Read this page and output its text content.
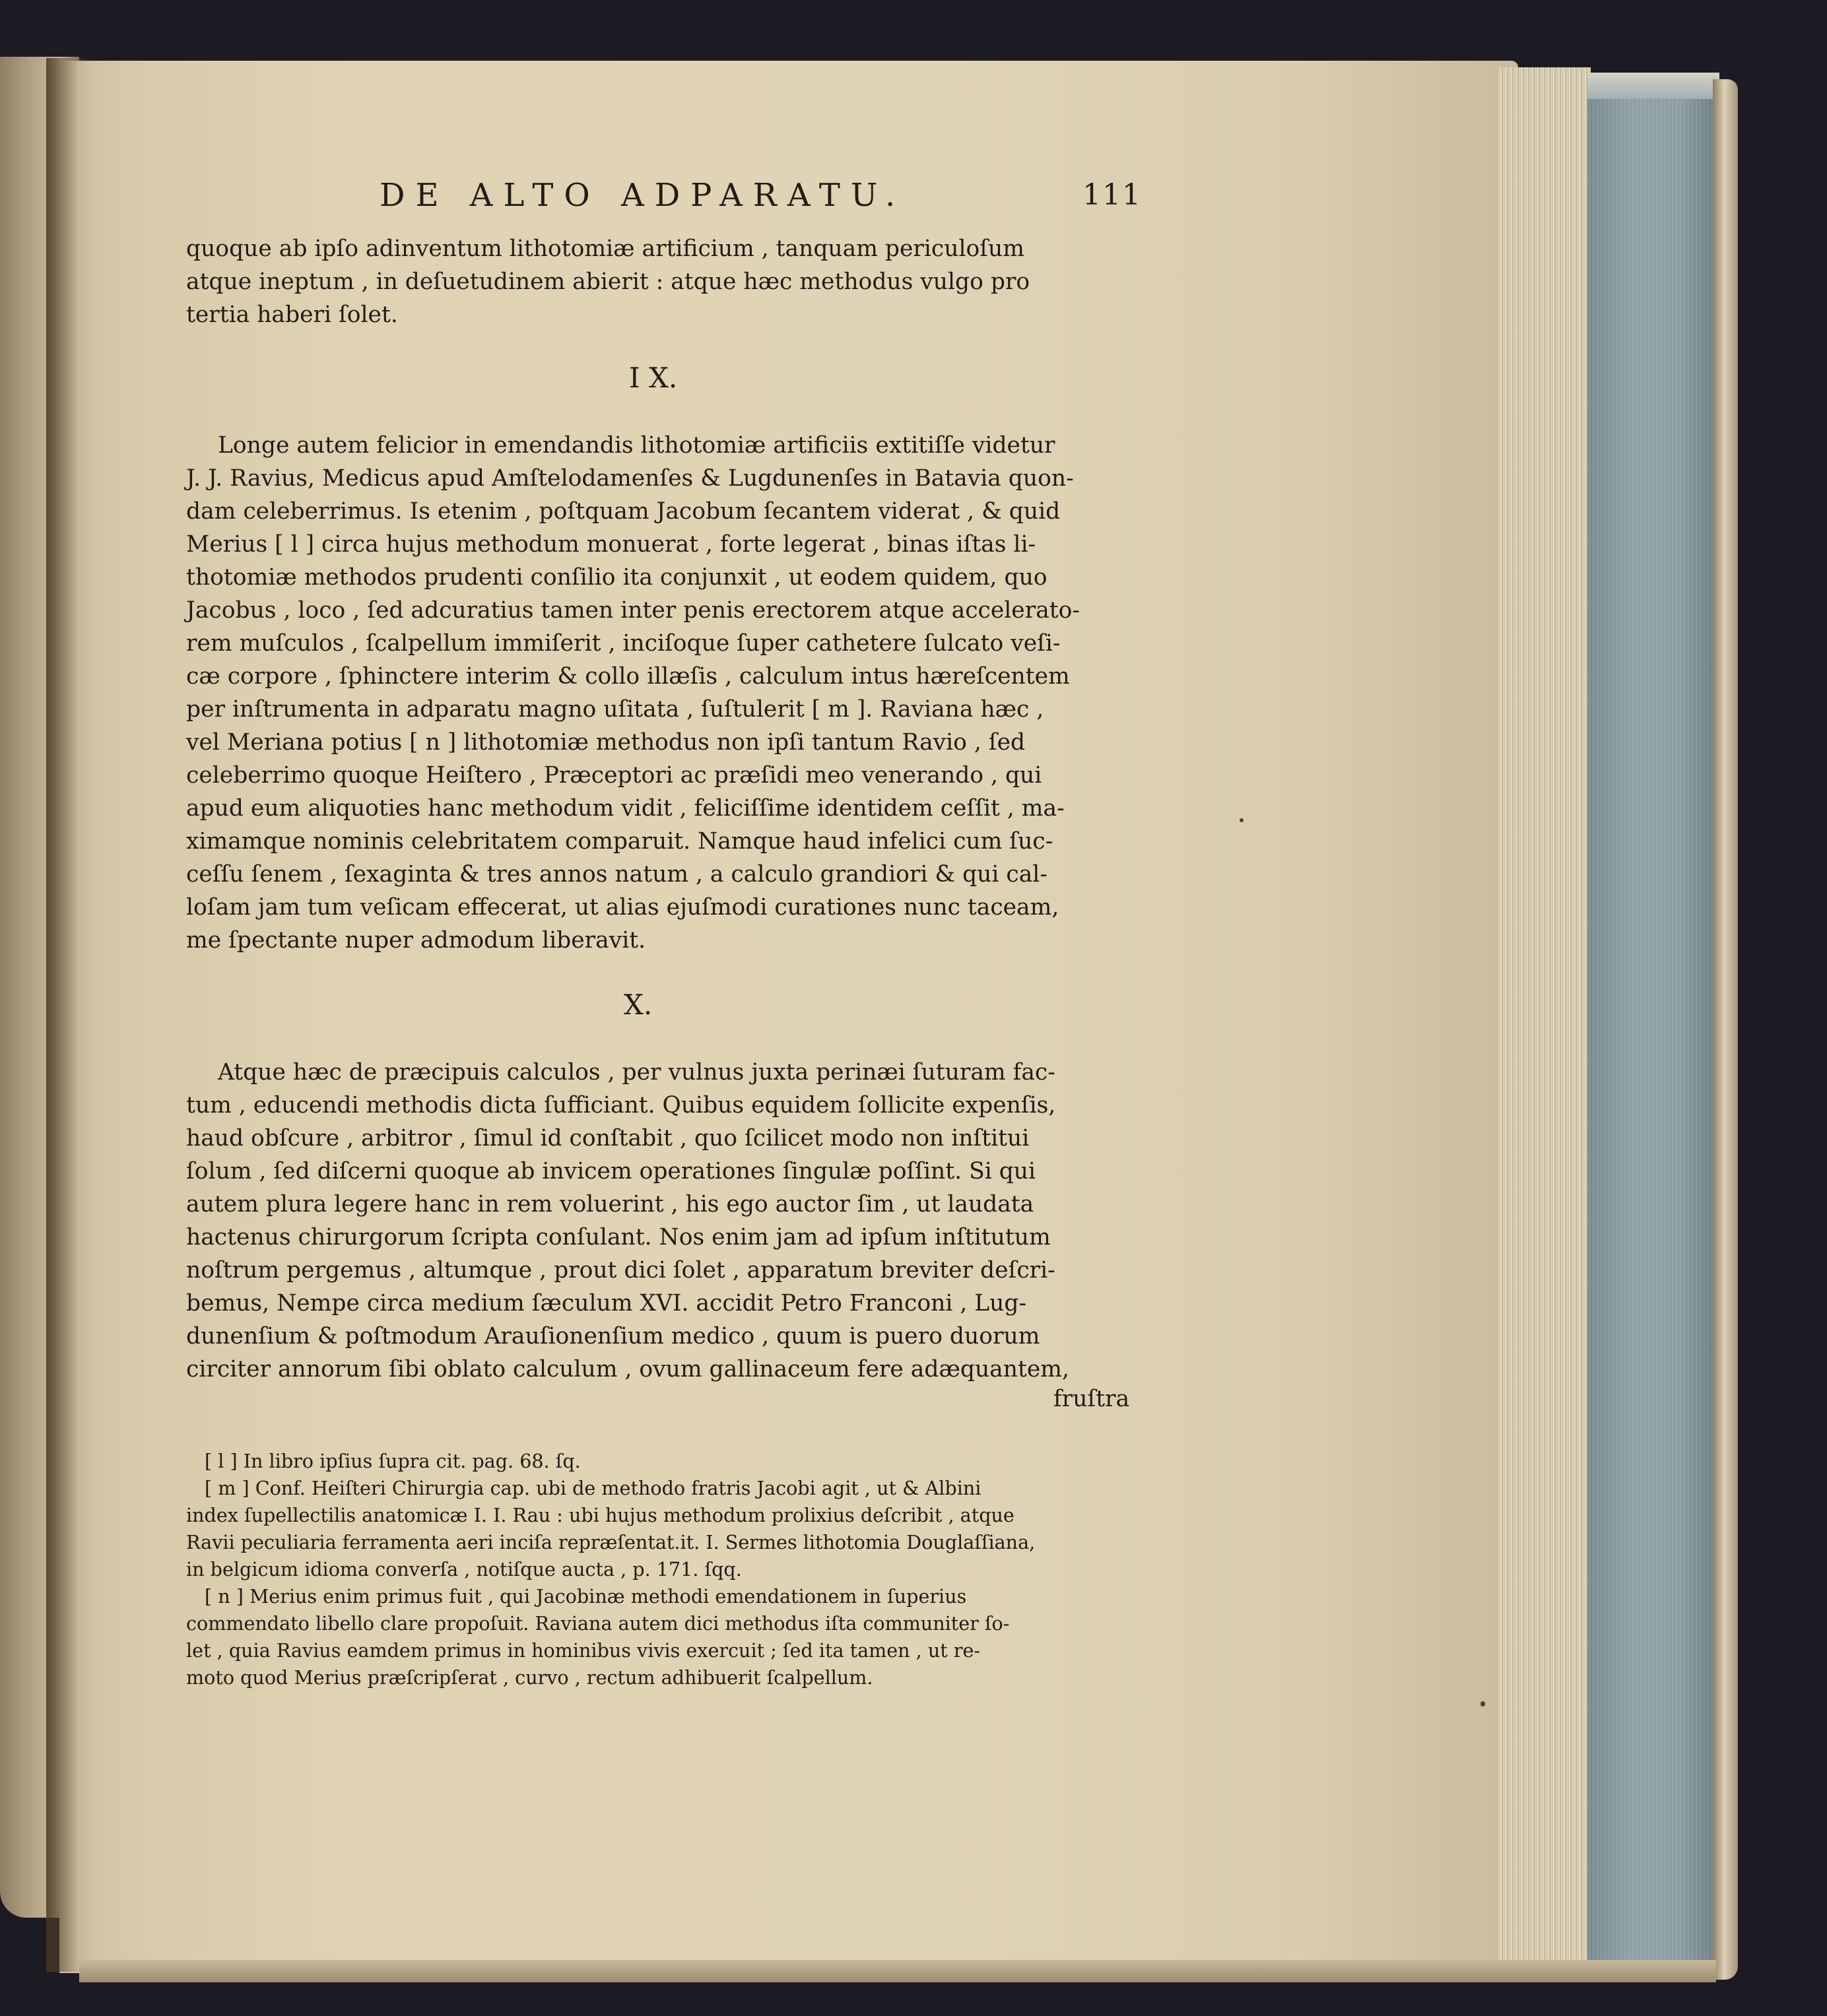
DE ALTO ADPARATU.	111
quoque ab ipſo adinventum lithotomiæ artificium , tanquam periculoſum
atque ineptum , in deſuetudinem abierit : atque hæc methodus vulgo pro
tertia haberi ſolet.
I X.
Longe autem felicior in emendandis lithotomiæ artificiis extitiſſe videtur
J. J. Ravius, Medicus apud Amſtelodamenſes & Lugdunenſes in Batavia quon-
dam celeberrimus. Is etenim , poſtquam Jacobum ſecantem viderat , & quid
Merius [ l ] circa hujus methodum monuerat , forte legerat , binas iſtas li-
thotomiæ methodos prudenti conſilio ita conjunxit , ut eodem quidem, quo
Jacobus , loco , ſed adcuratius tamen inter penis erectorem atque accelerato-
rem muſculos , ſcalpellum immiſerit , inciſoque ſuper cathetere ſulcato veſi-
cæ corpore , ſphinctere interim & collo illæſis , calculum intus hæreſcentem
per inſtrumenta in adparatu magno uſitata , ſuſtulerit [ m ]. Raviana hæc ,
vel Meriana potius [ n ] lithotomiæ methodus non ipſi tantum Ravio , ſed
celeberrimo quoque Heiſtero , Præceptori ac præſidi meo venerando , qui
apud eum aliquoties hanc methodum vidit , feliciſſime identidem ceſſit , ma-
ximamque nominis celebritatem comparuit. Namque haud infelici cum ſuc-
ceſſu ſenem , ſexaginta & tres annos natum , a calculo grandiori & qui cal-
loſam jam tum veſicam effecerat, ut alias ejuſmodi curationes nunc taceam,
me ſpectante nuper admodum liberavit.
X.
Atque hæc de præcipuis calculos , per vulnus juxta perinæi ſuturam fac-
tum , educendi methodis dicta ſufficiant. Quibus equidem ſollicite expenſis,
haud obſcure , arbitror , ſimul id conſtabit , quo ſcilicet modo non inſtitui
ſolum , ſed diſcerni quoque ab invicem operationes ſingulæ poſſint. Si qui
autem plura legere hanc in rem voluerint , his ego auctor ſim , ut laudata
hactenus chirurgorum ſcripta conſulant. Nos enim jam ad ipſum inſtitutum
noſtrum pergemus , altumque , prout dici ſolet , apparatum breviter deſcri-
bemus, Nempe circa medium ſæculum XVI. accidit Petro Franconi , Lug-
dunenſium & poſtmodum Arauſionenſium medico , quum is puero duorum
circiter annorum ſibi oblato calculum , ovum gallinaceum fere adæquantem,
fruſtra
[ l ] In libro ipſius ſupra cit. pag. 68. ſq.
[ m ] Conf. Heiſteri Chirurgia cap. ubi de methodo fratris Jacobi agit , ut & Albini
index ſupellectilis anatomicæ I. I. Rau : ubi hujus methodum prolixius deſcribit , atque
Ravii peculiaria ferramenta aeri inciſa repræſentat.it. I. Sermes lithotomia Douglaſſiana,
in belgicum idioma converſa , notiſque aucta , p. 171. ſqq.
[ n ] Merius enim primus fuit , qui Jacobinæ methodi emendationem in ſuperius
commendato libello clare propoſuit. Raviana autem dici methodus iſta communiter ſo-
let , quia Ravius eamdem primus in hominibus vivis exercuit ; ſed ita tamen , ut re-
moto quod Merius præſcripſerat , curvo , rectum adhibuerit ſcalpellum.
